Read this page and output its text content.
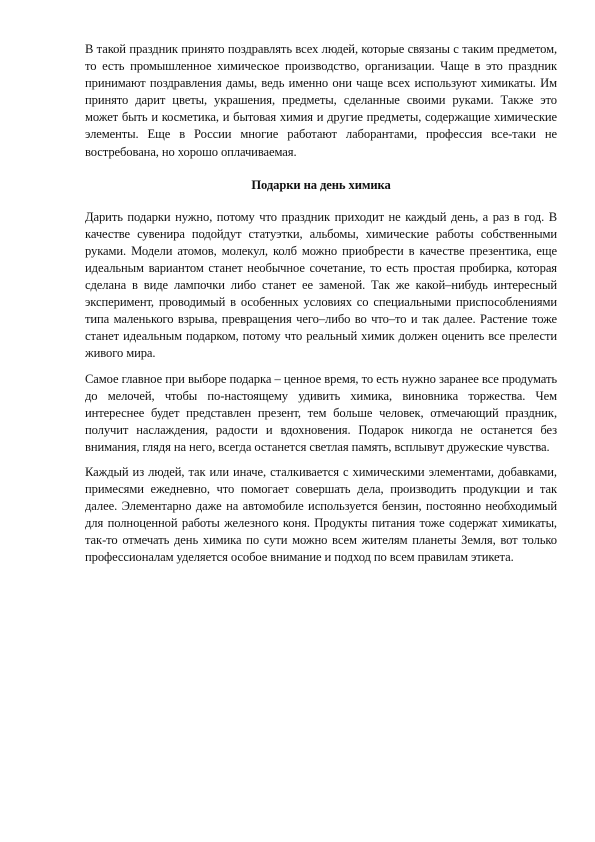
В такой праздник принято поздравлять всех людей, которые связаны с таким предметом, то есть промышленное химическое производство, организации. Чаще в это праздник принимают поздравления дамы, ведь именно они чаще всех используют химикаты. Им принято дарит цветы, украшения, предметы, сделанные своими руками. Также это может быть и косметика, и бытовая химия и другие предметы, содержащие химические элементы. Еще в России многие работают лаборантами, профессия все-таки не востребована, но хорошо оплачиваемая.

Подарки на день химика

Дарить подарки нужно, потому что праздник приходит не каждый день, а раз в год. В качестве сувенира подойдут статуэтки, альбомы, химические работы собственными руками. Модели атомов, молекул, колб можно приобрести в качестве презентика, еще идеальным вариантом станет необычное сочетание, то есть простая пробирка, которая сделана в виде лампочки либо станет ее заменой. Так же какой–нибудь интересный эксперимент, проводимый в особенных условиях со специальными приспособлениями типа маленького взрыва, превращения чего–либо во что–то и так далее. Растение тоже станет идеальным подарком, потому что реальный химик должен оценить все прелести живого мира.

Самое главное при выборе подарка – ценное время, то есть нужно заранее все продумать до мелочей, чтобы по-настоящему удивить химика, виновника торжества. Чем интереснее будет представлен презент, тем больше человек, отмечающий праздник, получит наслаждения, радости и вдохновения. Подарок никогда не останется без внимания, глядя на него, всегда останется светлая память, всплывут дружеские чувства.

Каждый из людей, так или иначе, сталкивается с химическими элементами, добавками, примесями ежедневно, что помогает совершать дела, производить продукции и так далее. Элементарно даже на автомобиле используется бензин, постоянно необходимый для полноценной работы железного коня. Продукты питания тоже содержат химикаты, так-то отмечать день химика по сути можно всем жителям планеты Земля, вот только профессионалам уделяется особое внимание и подход по всем правилам этикета.
